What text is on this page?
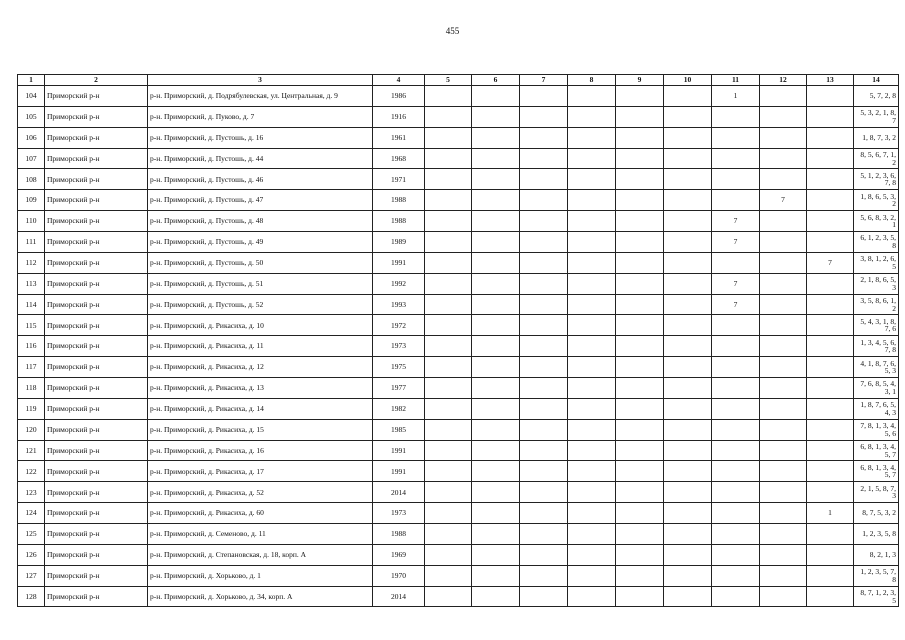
455
1	2	3	4	5	6	7	8	9	10	11	12	13	14
104	Приморский р-н	р-н. Приморский, д. Подрябулевская, ул. Центральная, д. 9	1986							1			5, 7, 2, 8
105	Приморский р-н	р-н. Приморский, д. Пуково, д. 7	1916										5, 3, 2, 1, 8, 7
106	Приморский р-н	р-н. Приморский, д. Пустошь, д. 16	1961										1, 8, 7, 3, 2
107	Приморский р-н	р-н. Приморский, д. Пустошь, д. 44	1968										8, 5, 6, 7, 1, 2
108	Приморский р-н	р-н. Приморский, д. Пустошь, д. 46	1971										5, 1, 2, 3, 6, 7, 8
109	Приморский р-н	р-н. Приморский, д. Пустошь, д. 47	1988								7		1, 8, 6, 5, 3, 2
110	Приморский р-н	р-н. Приморский, д. Пустошь, д. 48	1988							7			5, 6, 8, 3, 2, 1
111	Приморский р-н	р-н. Приморский, д. Пустошь, д. 49	1989							7			6, 1, 2, 3, 5, 8
112	Приморский р-н	р-н. Приморский, д. Пустошь, д. 50	1991									7	3, 8, 1, 2, 6, 5
113	Приморский р-н	р-н. Приморский, д. Пустошь, д. 51	1992							7			2, 1, 8, 6, 5, 3
114	Приморский р-н	р-н. Приморский, д. Пустошь, д. 52	1993							7			3, 5, 8, 6, 1, 2
115	Приморский р-н	р-н. Приморский, д. Рикасиха, д. 10	1972										5, 4, 3, 1, 8, 7, 6
116	Приморский р-н	р-н. Приморский, д. Рикасиха, д. 11	1973										1, 3, 4, 5, 6, 7, 8
117	Приморский р-н	р-н. Приморский, д. Рикасиха, д. 12	1975										4, 1, 8, 7, 6, 5, 3
118	Приморский р-н	р-н. Приморский, д. Рикасиха, д. 13	1977										7, 6, 8, 5, 4, 3, 1
119	Приморский р-н	р-н. Приморский, д. Рикасиха, д. 14	1982										1, 8, 7, 6, 5, 4, 3
120	Приморский р-н	р-н. Приморский, д. Рикасиха, д. 15	1985										7, 8, 1, 3, 4, 5, 6
121	Приморский р-н	р-н. Приморский, д. Рикасиха, д. 16	1991										6, 8, 1, 3, 4, 5, 7
122	Приморский р-н	р-н. Приморский, д. Рикасиха, д. 17	1991										6, 8, 1, 3, 4, 5, 7
123	Приморский р-н	р-н. Приморский, д. Рикасиха, д. 52	2014										2, 1, 5, 8, 7, 3
124	Приморский р-н	р-н. Приморский, д. Рикасиха, д. 60	1973									1	8, 7, 5, 3, 2
125	Приморский р-н	р-н. Приморский, д. Семеново, д. 11	1988										1, 2, 3, 5, 8
126	Приморский р-н	р-н. Приморский, д. Степановская, д. 18, корп. А	1969										8, 2, 1, 3
127	Приморский р-н	р-н. Приморский, д. Хорьково, д. 1	1970										1, 2, 3, 5, 7, 8
128	Приморский р-н	р-н. Приморский, д. Хорьково, д. 34, корп. А	2014										8, 7, 1, 2, 3, 5
